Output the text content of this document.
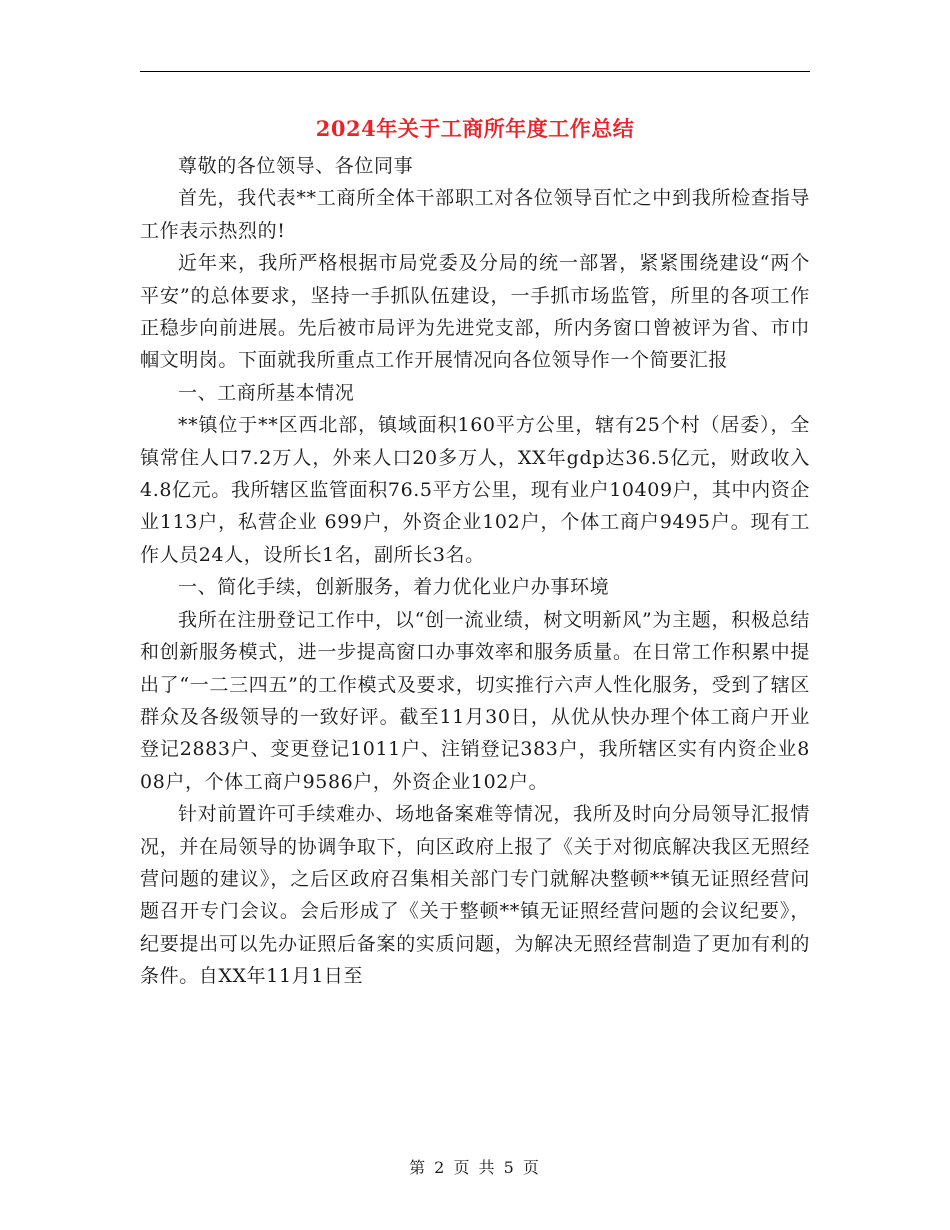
2024年关于工商所年度工作总结

尊敬的各位领导、各位同事

首先，我代表**工商所全体干部职工对各位领导百忙之中到我所检查指导工作表示热烈的!

近年来，我所严格根据市局党委及分局的统一部署，紧紧围绕建设“两个平安”的总体要求，坚持一手抓队伍建设，一手抓市场监管，所里的各项工作正稳步向前进展。先后被市局评为先进党支部，所内务窗口曾被评为省、市巾帼文明岗。下面就我所重点工作开展情况向各位领导作一个简要汇报

一、工商所基本情况

**镇位于**区西北部，镇域面积160平方公里，辖有25个村（居委），全镇常住人口7.2万人，外来人口20多万人，XX年gdp达36.5亿元，财政收入4.8亿元。我所辖区监管面积76.5平方公里，现有业户10409户，其中内资企业113户，私营企业 699户，外资企业102户，个体工商户9495户。现有工作人员24人，设所长1名，副所长3名。

一、简化手续，创新服务，着力优化业户办事环境

我所在注册登记工作中，以“创一流业绩，树文明新风”为主题，积极总结和创新服务模式，进一步提高窗口办事效率和服务质量。在日常工作积累中提出了“一二三四五”的工作模式及要求，切实推行六声人性化服务，受到了辖区群众及各级领导的一致好评。截至11月30日，从优从快办理个体工商户开业登记2883户、变更登记1011户、注销登记383户，我所辖区实有内资企业808户，个体工商户9586户，外资企业102户。

针对前置许可手续难办、场地备案难等情况，我所及时向分局领导汇报情况，并在局领导的协调争取下，向区政府上报了《关于对彻底解决我区无照经营问题的建议》，之后区政府召集相关部门专门就解决整顿**镇无证照经营问题召开专门会议。会后形成了《关于整顿**镇无证照经营问题的会议纪要》，纪要提出可以先办证照后备案的实质问题，为解决无照经营制造了更加有利的条件。自XX年11月1日至

第 2 页 共 5 页
